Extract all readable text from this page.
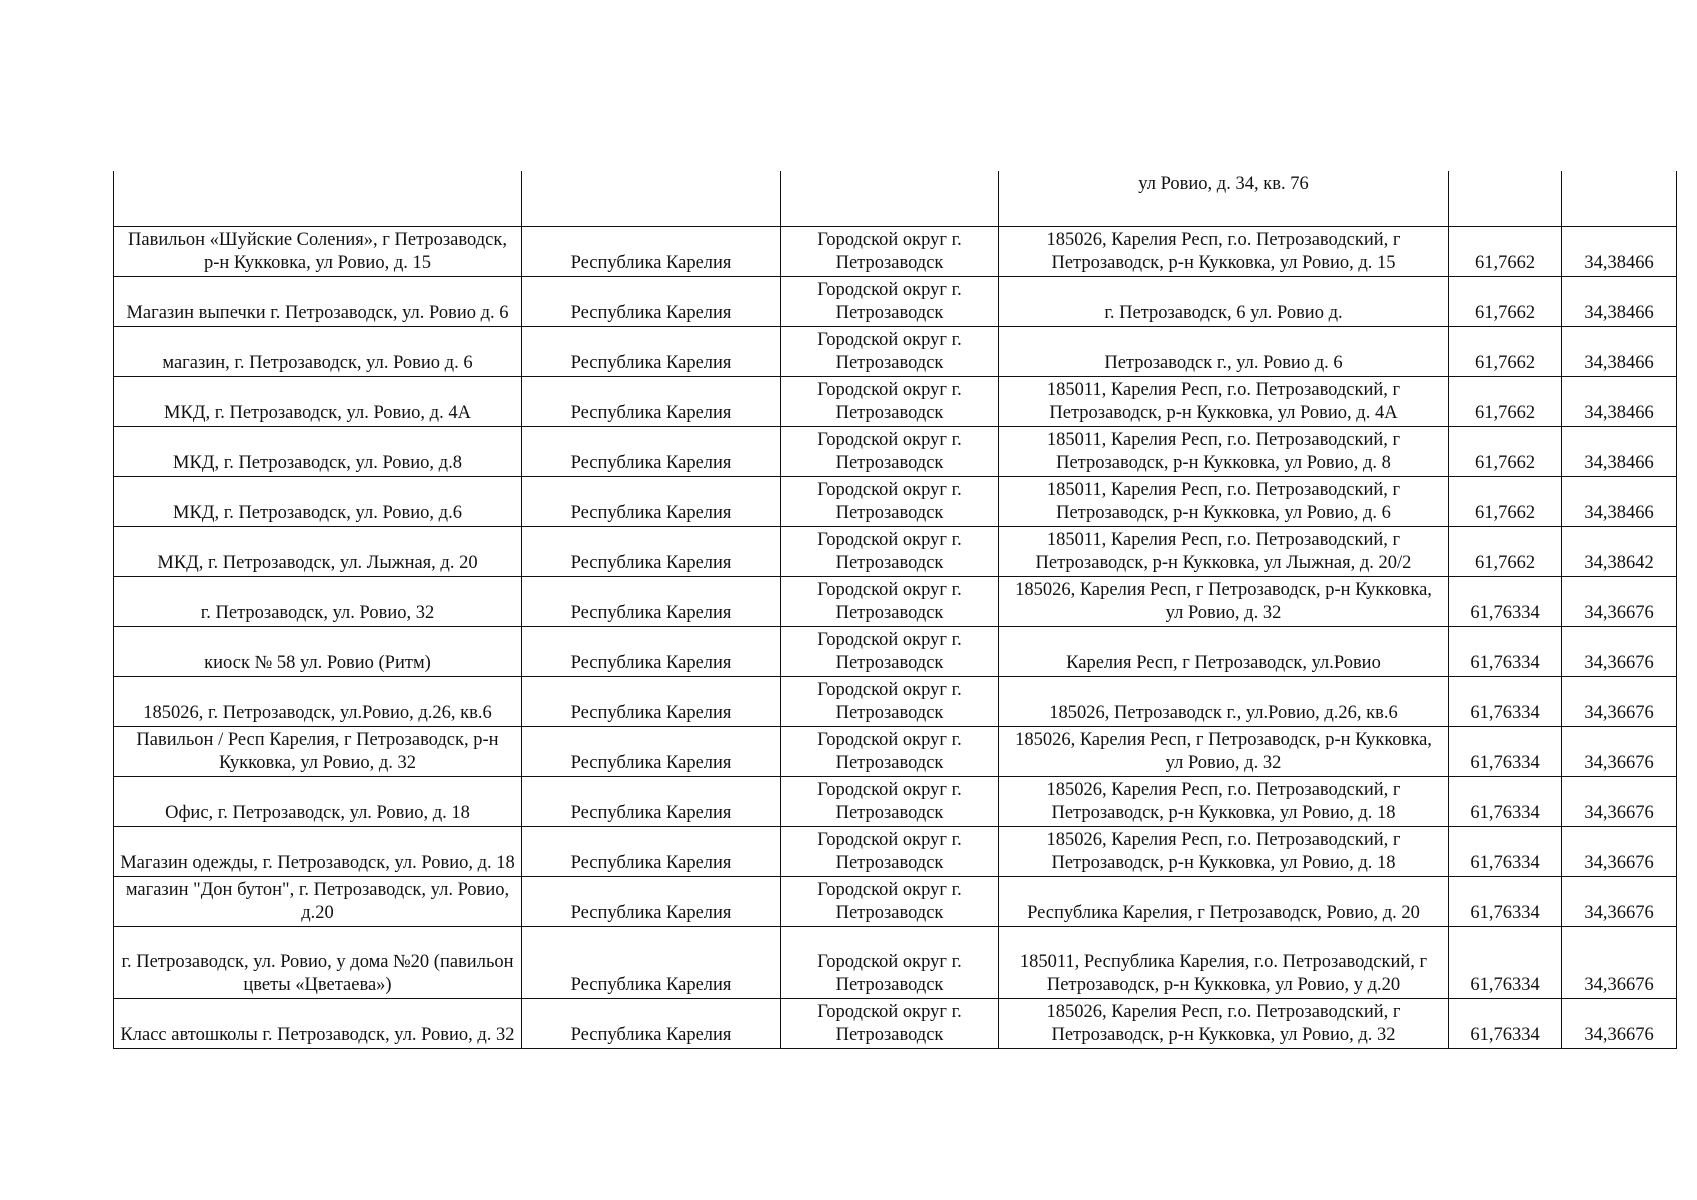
			ул Ровио, д. 34, кв. 76		
Павильон «Шуйские Соления», г Петрозаводск, р-н Кукковка, ул Ровио, д. 15	Республика Карелия	Городской округ г. Петрозаводск	185026, Карелия Респ, г.о. Петрозаводский, г Петрозаводск, р-н Кукковка, ул Ровио, д. 15	61,7662	34,38466
Магазин выпечки г. Петрозаводск, ул. Ровио д. 6	Республика Карелия	Городской округ г. Петрозаводск	г. Петрозаводск, 6 ул. Ровио д.	61,7662	34,38466
магазин, г. Петрозаводск, ул. Ровио д. 6	Республика Карелия	Городской округ г. Петрозаводск	Петрозаводск г., ул. Ровио д. 6	61,7662	34,38466
МКД, г. Петрозаводск, ул. Ровио, д. 4А	Республика Карелия	Городской округ г. Петрозаводск	185011, Карелия Респ, г.о. Петрозаводский, г Петрозаводск, р-н Кукковка, ул Ровио, д. 4А	61,7662	34,38466
МКД, г. Петрозаводск, ул. Ровио, д.8	Республика Карелия	Городской округ г. Петрозаводск	185011, Карелия Респ, г.о. Петрозаводский, г Петрозаводск, р-н Кукковка, ул Ровио, д. 8	61,7662	34,38466
МКД, г. Петрозаводск, ул. Ровио, д.6	Республика Карелия	Городской округ г. Петрозаводск	185011, Карелия Респ, г.о. Петрозаводский, г Петрозаводск, р-н Кукковка, ул Ровио, д. 6	61,7662	34,38466
МКД, г. Петрозаводск, ул. Лыжная, д. 20	Республика Карелия	Городской округ г. Петрозаводск	185011, Карелия Респ, г.о. Петрозаводский, г Петрозаводск, р-н Кукковка, ул Лыжная, д. 20/2	61,7662	34,38642
г. Петрозаводск, ул. Ровио, 32	Республика Карелия	Городской округ г. Петрозаводск	185026, Карелия Респ, г Петрозаводск, р-н Кукковка, ул Ровио, д. 32	61,76334	34,36676
киоск № 58 ул. Ровио (Ритм)	Республика Карелия	Городской округ г. Петрозаводск	Карелия Респ, г Петрозаводск, ул.Ровио	61,76334	34,36676
185026, г. Петрозаводск, ул.Ровио, д.26, кв.6	Республика Карелия	Городской округ г. Петрозаводск	185026, Петрозаводск г., ул.Ровио, д.26, кв.6	61,76334	34,36676
Павильон / Респ Карелия, г Петрозаводск, р-н Кукковка, ул Ровио, д. 32	Республика Карелия	Городской округ г. Петрозаводск	185026, Карелия Респ, г Петрозаводск, р-н Кукковка, ул Ровио, д. 32	61,76334	34,36676
Офис, г. Петрозаводск, ул. Ровио, д. 18	Республика Карелия	Городской округ г. Петрозаводск	185026, Карелия Респ, г.о. Петрозаводский, г Петрозаводск, р-н Кукковка, ул Ровио, д. 18	61,76334	34,36676
Магазин одежды, г. Петрозаводск, ул. Ровио, д. 18	Республика Карелия	Городской округ г. Петрозаводск	185026, Карелия Респ, г.о. Петрозаводский, г Петрозаводск, р-н Кукковка, ул Ровио, д. 18	61,76334	34,36676
магазин "Дон бутон", г. Петрозаводск, ул. Ровио, д.20	Республика Карелия	Городской округ г. Петрозаводск	Республика Карелия, г Петрозаводск, Ровио, д. 20	61,76334	34,36676
г. Петрозаводск, ул. Ровио, у дома №20 (павильон цветы «Цветаева»)	Республика Карелия	Городской округ г. Петрозаводск	185011, Республика Карелия, г.о. Петрозаводский, г Петрозаводск, р-н Кукковка, ул Ровио, у д.20	61,76334	34,36676
Класс автошколы г. Петрозаводск, ул. Ровио, д. 32	Республика Карелия	Городской округ г. Петрозаводск	185026, Карелия Респ, г.о. Петрозаводский, г Петрозаводск, р-н Кукковка, ул Ровио, д. 32	61,76334	34,36676
